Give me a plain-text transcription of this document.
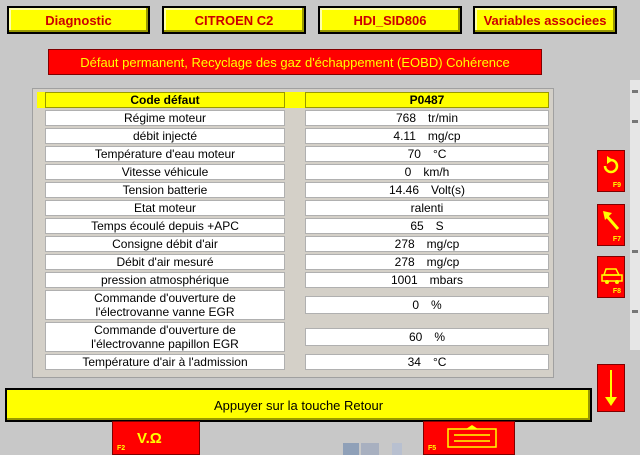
Diagnostic	CITROEN C2	HDI_SID806	Variables associees
Défaut permanent, Recyclage des gaz d'échappement (EOBD) Cohérence
Code défaut	P0487
Régime moteur	768 tr/min
débit injecté	4.11 mg/cp
Température d'eau moteur	70 °C
Vitesse véhicule	0 km/h
Tension batterie	14.46 Volt(s)
Etat moteur	ralenti
Temps écoulé depuis +APC	65 S
Consigne débit d'air	278 mg/cp
Débit d'air mesuré	278 mg/cp
pression atmosphérique	1001 mbars
Commande d'ouverture de
l'électrovanne vanne EGR	0 %
Commande d'ouverture de
l'électrovanne papillon EGR	60 %
Température d'air à l'admission	34 °C
F9
F7
F8
Appuyer sur la touche Retour
V.Ω
F2	F5
